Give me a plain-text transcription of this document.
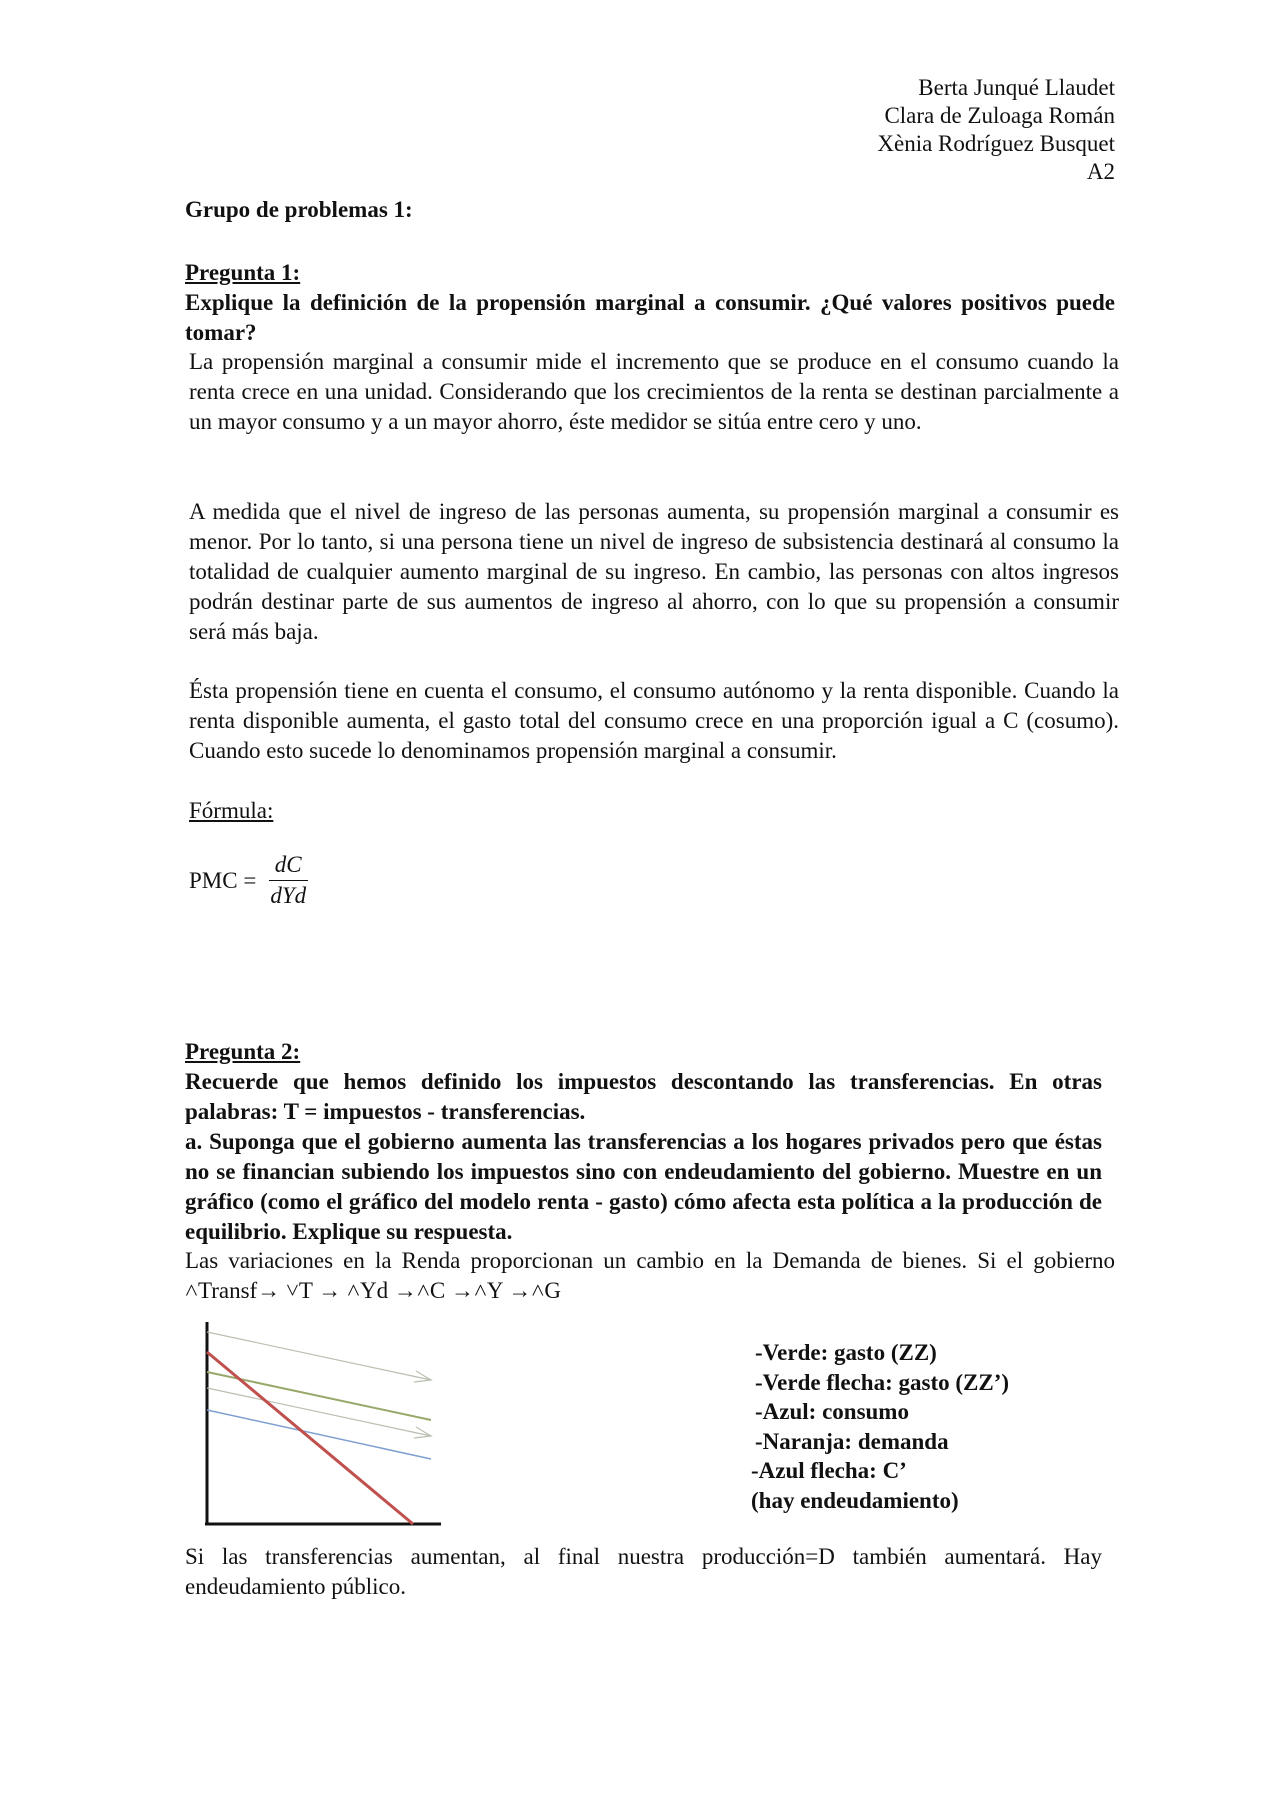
Berta Junqué Llaudet
Clara de Zuloaga Román
Xènia Rodríguez Busquet
A2
Grupo de problemas 1:
Pregunta 1:
Explique la definición de la propensión marginal a consumir. ¿Qué valores positivos puede tomar?

La propensión marginal a consumir mide el incremento que se produce en el consumo cuando la renta crece en una unidad. Considerando que los crecimientos de la renta se destinan parcialmente a un mayor consumo y a un mayor ahorro, éste medidor se sitúa entre cero y uno.

A medida que el nivel de ingreso de las personas aumenta, su propensión marginal a consumir es menor. Por lo tanto, si una persona tiene un nivel de ingreso de subsistencia destinará al consumo la totalidad de cualquier aumento marginal de su ingreso. En cambio, las personas con altos ingresos podrán destinar parte de sus aumentos de ingreso al ahorro, con lo que su propensión a consumir será más baja.

Ésta propensión tiene en cuenta el consumo, el consumo autónomo y la renta disponible. Cuando la renta disponible aumenta, el gasto total del consumo crece en una proporción igual a C (cosumo). Cuando esto sucede lo denominamos propensión marginal a consumir.

Fórmula:
PMC = $\frac{dC}{\text{dYd}}$
Pregunta 2:
Recuerde que hemos definido los impuestos descontando las transferencias. En otras palabras: T = impuestos - transferencias.
a. Suponga que el gobierno aumenta las transferencias a los hogares privados pero que éstas no se financian subiendo los impuestos sino con endeudamiento del gobierno. Muestre en un gráfico (como el gráfico del modelo renta - gasto) cómo afecta esta política a la producción de equilibrio. Explique su respuesta.

Las variaciones en la Renda proporcionan un cambio en la Demanda de bienes. Si el gobierno ˄Transf→ ˅T → ˄Yd →˄C →˄Y →˄G

-Verde: gasto (ZZ)
-Verde flecha: gasto (ZZ’)
-Azul: consumo
-Naranja: demanda
-Azul flecha: C’
(hay endeudamiento)

Si las transferencias aumentan, al final nuestra producción=D también aumentará. Hay endeudamiento público.
